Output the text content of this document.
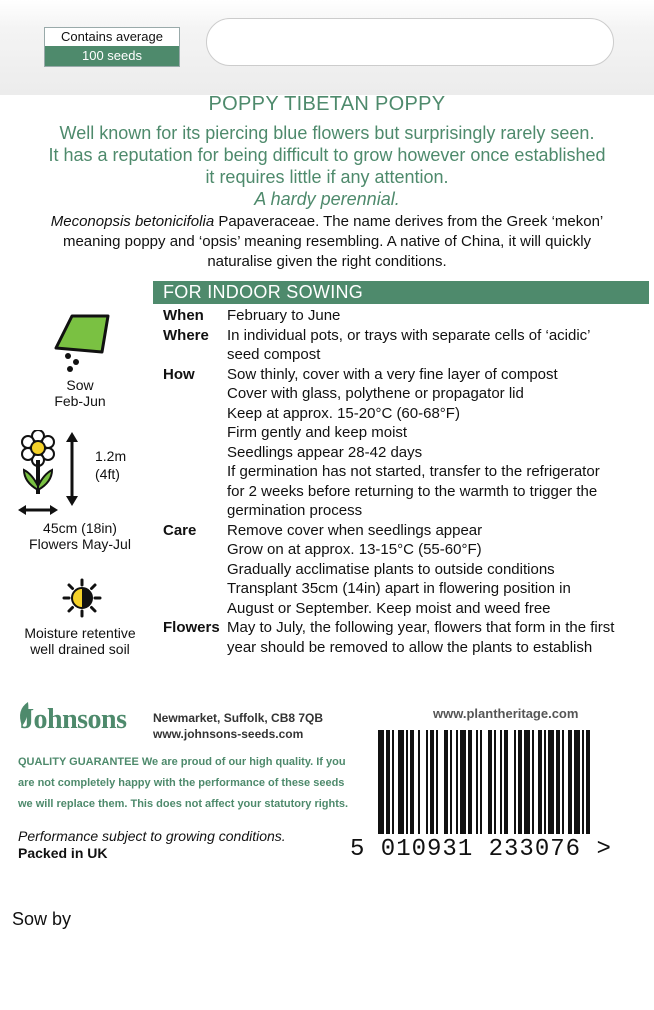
Contains average
100 seeds
POPPY TIBETAN POPPY
Well known for its piercing blue flowers but surprisingly rarely seen.
It has a reputation for being difficult to grow however once established
it requires little if any attention.
A hardy perennial.
Meconopsis betonicifolia Papaveraceae. The name derives from the Greek ‘mekon’
meaning poppy and ‘opsis’ meaning resembling. A native of China, it will quickly
naturalise given the right conditions.
FOR INDOOR SOWING
When	February to June
Where	In individual pots, or trays with separate cells of ‘acidic’
seed compost
How	Sow thinly, cover with a very fine layer of compost
Cover with glass, polythene or propagator lid
Keep at approx. 15-20°C (60-68°F)
Firm gently and keep moist
Seedlings appear 28-42 days
If germination has not started, transfer to the refrigerator
for 2 weeks before returning to the warmth to trigger the
germination process
Care	Remove cover when seedlings appear
Grow on at approx. 13-15°C (55-60°F)
Gradually acclimatise plants to outside conditions
Transplant 35cm (14in) apart in flowering position in
August or September. Keep moist and weed free
Flowers May to July, the following year, flowers that form in the first
year should be removed to allow the plants to establish
Sow
Feb-Jun
1.2m
(4ft)
45cm (18in)
Flowers May-Jul
Moisture retentive
well drained soil
Johnsons Newmarket, Suffolk, CB8 7QB
www.johnsons-seeds.com
QUALITY GUARANTEE We are proud of our high quality. If you
are not completely happy with the performance of these seeds
we will replace them. This does not affect your statutory rights.
Performance subject to growing conditions.
Packed in UK
www.plantheritage.com
5 010931 233076 >
Sow by
